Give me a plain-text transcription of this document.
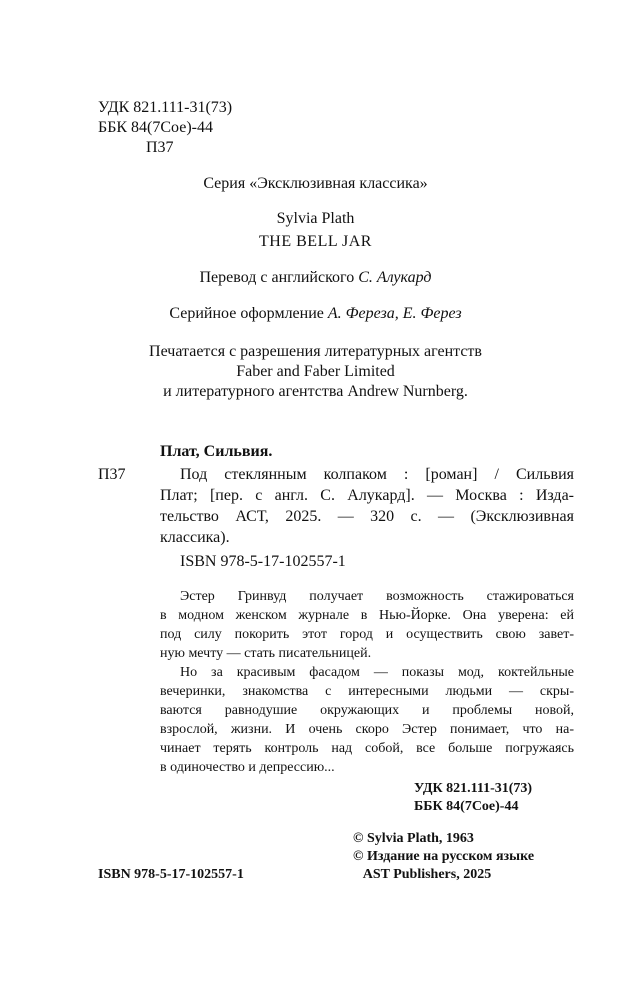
УДК 821.111-31(73)
ББК 84(7Сое)-44
П37
Серия «Эксклюзивная классика»
Sylvia Plath
THE BELL JAR
Перевод с английского С. Алукард
Серийное оформление А. Фереза, Е. Ферез
Печатается с разрешения литературных агентств
Faber and Faber Limited
и литературного агентства Andrew Nurnberg.
Плат, Сильвия.
П37	Под стеклянным колпаком : [роман] / Сильвия
Плат; [пер. с англ. С. Алукард]. — Москва : Изда-
тельство АСТ, 2025. — 320 с. — (Эксклюзивная
классика).
ISBN 978-5-17-102557-1
Эстер Гринвуд получает возможность стажироваться
в модном женском журнале в Нью-Йорке. Она уверена: ей
под силу покорить этот город и осуществить свою завет-
ную мечту — стать писательницей.
Но за красивым фасадом — показы мод, коктейльные
вечеринки, знакомства с интересными людьми — скры-
ваются равнодушие окружающих и проблемы новой,
взрослой, жизни. И очень скоро Эстер понимает, что на-
чинает терять контроль над собой, все больше погружаясь
в одиночество и депрессию...
УДК 821.111-31(73)
ББК 84(7Сое)-44
© Sylvia Plath, 1963
© Издание на русском языке
AST Publishers, 2025
ISBN 978-5-17-102557-1
